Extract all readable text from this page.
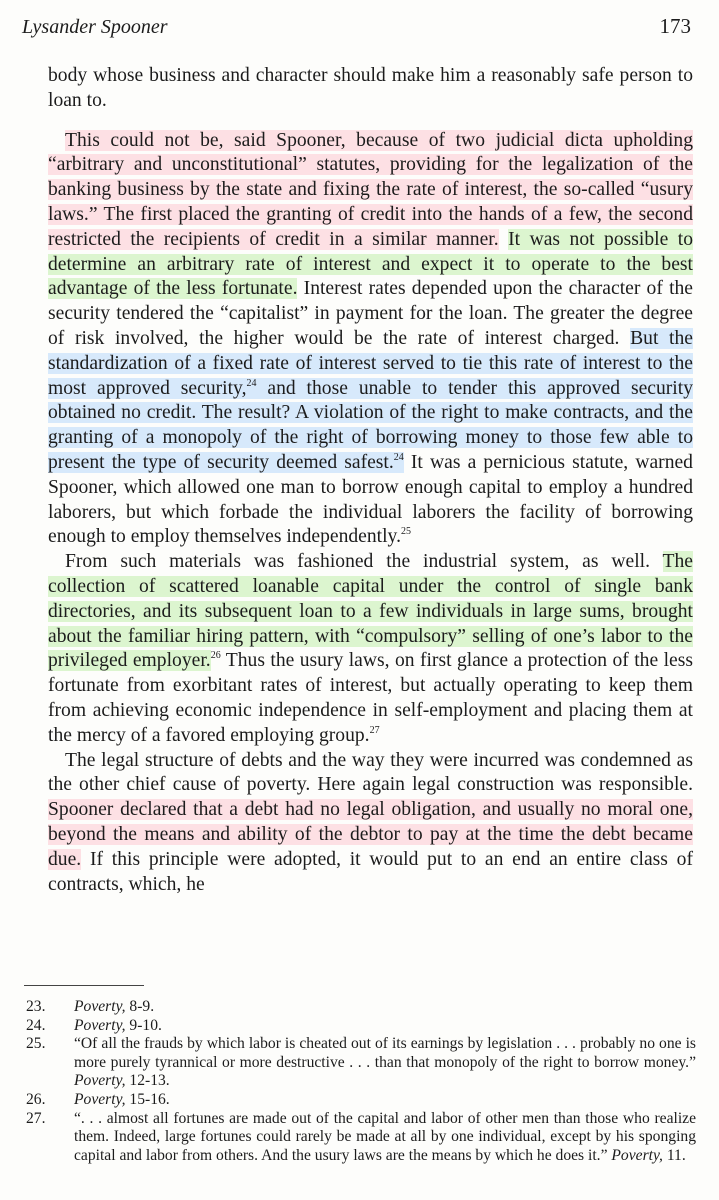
Lysander Spooner	173

body whose business and character should make him a reasonably safe person to loan to.

This could not be, said Spooner, because of two judicial dicta upholding “arbitrary and unconstitutional” statutes, providing for the legalization of the banking business by the state and fixing the rate of interest, the so-called “usury laws.” The first placed the granting of credit into the hands of a few, the second restricted the recipients of credit in a similar manner. It was not possible to determine an arbitrary rate of interest and expect it to operate to the best advantage of the less fortunate. Interest rates depended upon the character of the security tendered the “capitalist” in payment for the loan. The greater the degree of risk involved, the higher would be the rate of interest charged. But the standardization of a fixed rate of interest served to tie this rate of interest to the most approved security,$^{24}$ and those unable to tender this approved security obtained no credit. The result? A violation of the right to make contracts, and the granting of a monopoly of the right of borrowing money to those few able to present the type of security deemed safest.$^{24}$ It was a pernicious statute, warned Spooner, which allowed one man to borrow enough capital to employ a hundred laborers, but which forbade the individual laborers the facility of borrowing enough to employ themselves independently.$^{25}$

From such materials was fashioned the industrial system, as well. The collection of scattered loanable capital under the control of single bank directories, and its subsequent loan to a few individuals in large sums, brought about the familiar hiring pattern, with “compulsory” selling of one’s labor to the privileged employer.$^{26}$ Thus the usury laws, on first glance a protection of the less fortunate from exorbitant rates of interest, but actually operating to keep them from achieving economic independence in self-employment and placing them at the mercy of a favored employing group.$^{27}$

The legal structure of debts and the way they were incurred was condemned as the other chief cause of poverty. Here again legal construction was responsible. Spooner declared that a debt had no legal obligation, and usually no moral one, beyond the means and ability of the debtor to pay at the time the debt became due. If this principle were adopted, it would put to an end an entire class of contracts, which, he

23.	Poverty, 8-9.
24.	Poverty, 9-10.
25.	“Of all the frauds by which labor is cheated out of its earnings by legislation . . . probably no one is more purely tyrannical or more destructive . . . than that monopoly of the right to borrow money.” Poverty, 12-13.
26.	Poverty, 15-16.
27.	“. . . almost all fortunes are made out of the capital and labor of other men than those who realize them. Indeed, large fortunes could rarely be made at all by one individual, except by his sponging capital and labor from others. And the usury laws are the means by which he does it.” Poverty, 11.
